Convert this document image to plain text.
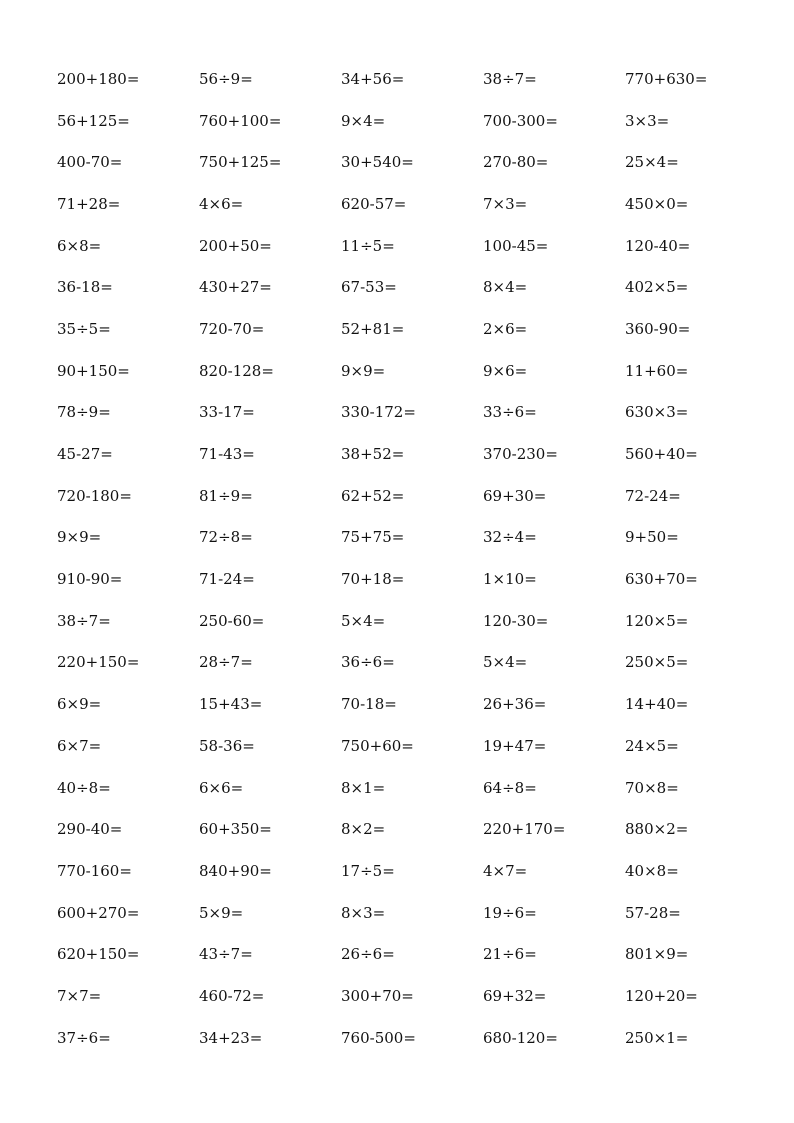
200+180=	56÷9=	34+56=	38÷7=	770+630=
56+125=	760+100=	9×4=	700-300=	3×3=
400-70=	750+125=	30+540=	270-80=	25×4=
71+28=	4×6=	620-57=	7×3=	450×0=
6×8=	200+50=	11÷5=	100-45=	120-40=
36-18=	430+27=	67-53=	8×4=	402×5=
35÷5=	720-70=	52+81=	2×6=	360-90=
90+150=	820-128=	9×9=	9×6=	11+60=
78÷9=	33-17=	330-172=	33÷6=	630×3=
45-27=	71-43=	38+52=	370-230=	560+40=
720-180=	81÷9=	62+52=	69+30=	72-24=
9×9=	72÷8=	75+75=	32÷4=	9+50=
910-90=	71-24=	70+18=	1×10=	630+70=
38÷7=	250-60=	5×4=	120-30=	120×5=
220+150=	28÷7=	36÷6=	5×4=	250×5=
6×9=	15+43=	70-18=	26+36=	14+40=
6×7=	58-36=	750+60=	19+47=	24×5=
40÷8=	6×6=	8×1=	64÷8=	70×8=
290-40=	60+350=	8×2=	220+170=	880×2=
770-160=	840+90=	17÷5=	4×7=	40×8=
600+270=	5×9=	8×3=	19÷6=	57-28=
620+150=	43÷7=	26÷6=	21÷6=	801×9=
7×7=	460-72=	300+70=	69+32=	120+20=
37÷6=	34+23=	760-500=	680-120=	250×1=
